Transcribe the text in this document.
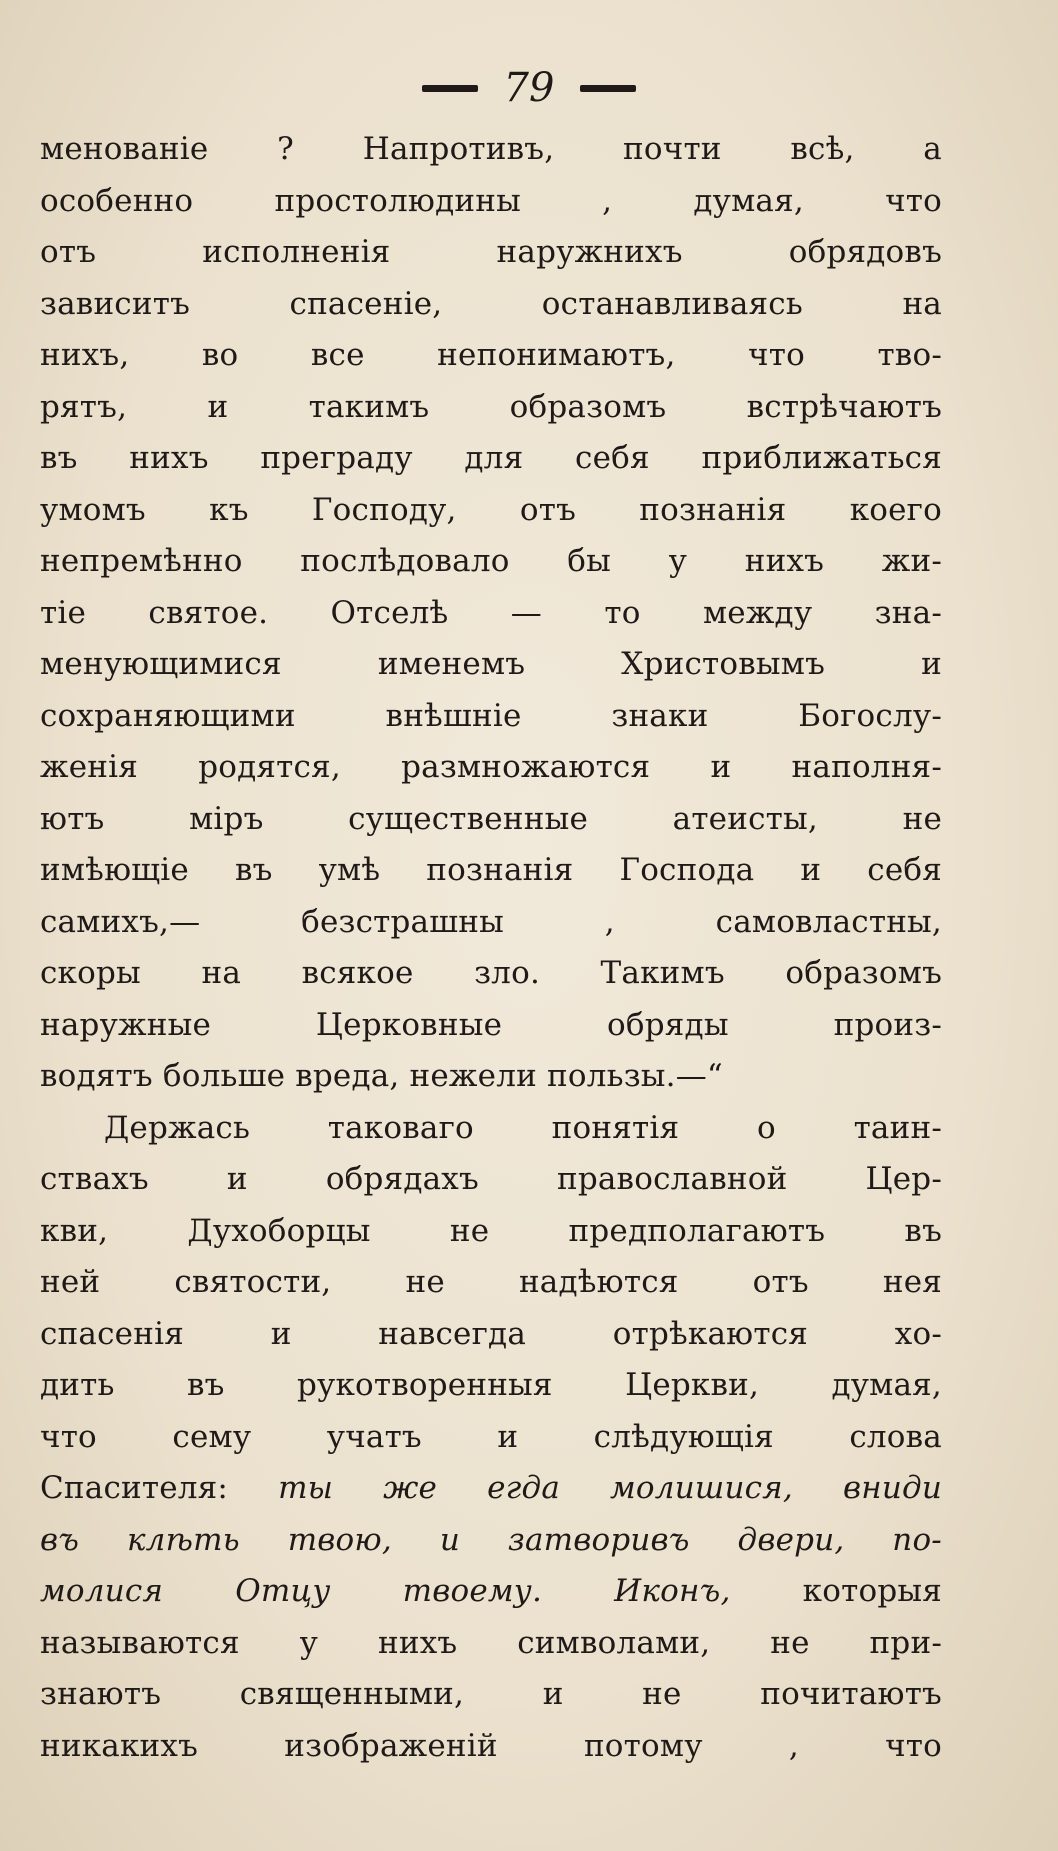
79
менованіе ? Напротивъ, почти всѣ, а
особенно простолюдины , думая, что
отъ исполненія наружнихъ обрядовъ
зависитъ спасеніе, останавливаясь на
нихъ, во все непонимаютъ, что тво-
рятъ, и такимъ образомъ встрѣчаютъ
въ нихъ преграду для себя приближаться
умомъ къ Господу, отъ познанія коего
непремѣнно послѣдовало бы у нихъ жи-
тіе святое. Отселѣ — то между зна-
менующимися именемъ Христовымъ и
сохраняющими внѣшніе знаки Богослу-
женія родятся, размножаются и наполня-
ютъ міръ существенные атеисты, не
имѣющіе въ умѣ познанія Господа и себя
самихъ,— безстрашны , самовластны,
скоры на всякое зло. Такимъ образомъ
наружные Церковные обряды произ-
водятъ больше вреда, нежели пользы.—“
Держась таковаго понятія о таин-
ствахъ и обрядахъ православной Цер-
кви, Духоборцы не предполагаютъ въ
ней святости, не надѣются отъ нея
спасенія и навсегда отрѣкаются хо-
дить въ рукотворенныя Церкви, думая,
что сему учатъ и слѣдующія слова
Спасителя: ты же егда молишися, вниди
въ клѣть твою, и затворивъ двери, по-
молися Отцу твоему. Иконъ, которыя
называются у нихъ символами, не при-
знаютъ священными, и не почитаютъ
никакихъ изображеній потому , что
